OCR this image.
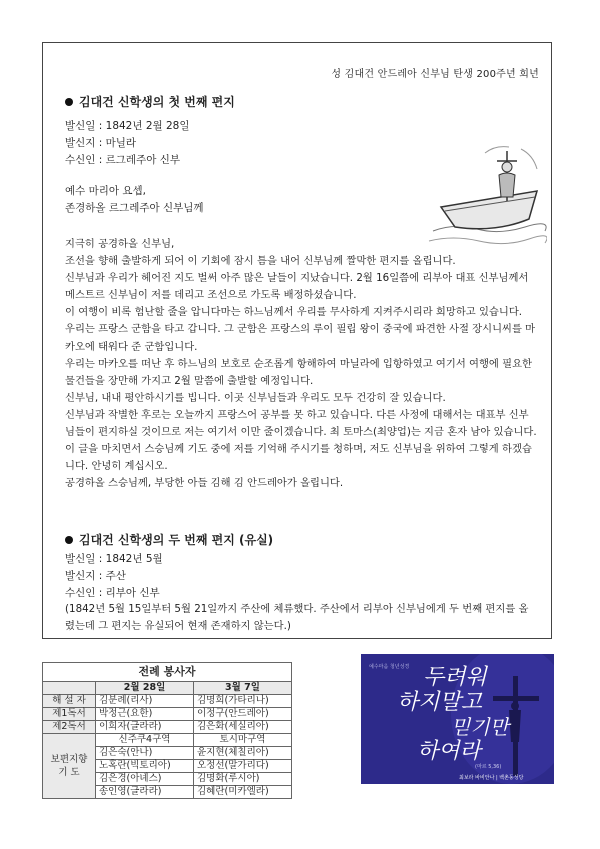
성 김대건 안드레아 신부님 탄생 200주년 희년
김대건 신학생의 첫 번째 편지
발신일 : 1842년 2월 28일
발신지 : 마닐라
수신인 : 르그레주아 신부
예수 마리아 요셉,
존경하올 르그레주아 신부님께

지극히 공경하올 신부님,

조선을 향해 출발하게 되어 이 기회에 잠시 틈을 내어 신부님께 짤막한 편지를 올립니다.

신부님과 우리가 헤어진 지도 벌써 아주 많은 날들이 지났습니다. 2월 16일쯤에 리부아 대표 신부님께서 메스트르 신부님이 저를 데리고 조선으로 가도록 배정하셨습니다.

이 여행이 비록 험난할 줄을 압니다마는 하느님께서 우리를 무사하게 지켜주시리라 희망하고 있습니다.

우리는 프랑스 군함을 타고 갑니다. 그 군함은 프랑스의 루이 필립 왕이 중국에 파견한 사절 장시니씨를 마카오에 태워다 준 군함입니다.

우리는 마카오를 떠난 후 하느님의 보호로 순조롭게 항해하여 마닐라에 입항하였고 여기서 여행에 필요한 물건들을 장만해 가지고 2월 말쯤에 출발할 예정입니다.

신부님, 내내 평안하시기를 빕니다. 이곳 신부님들과 우리도 모두 건강히 잘 있습니다.

신부님과 작별한 후로는 오늘까지 프랑스어 공부를 못 하고 있습니다. 다른 사정에 대해서는 대표부 신부님들이 편지하실 것이므로 저는 여기서 이만 줄이겠습니다. 최 토마스(최양업)는 지금 혼자 남아 있습니다.

이 글을 마치면서 스승님께 기도 중에 저를 기억해 주시기를 청하며, 저도 신부님을 위하여 그렇게 하겠습니다. 안녕히 계십시오.

공경하올 스승님께, 부당한 아들 김해 김 안드레아가 올립니다.

김대건 신학생의 두 번째 편지 (유실)
발신일 : 1842년 5월
발신지 : 주산
수신인 : 리부아 신부
(1842년 5월 15일부터 5월 21일까지 주산에 체류했다. 주산에서 리부아 신부님에게 두 번째 편지를 올렸는데 그 편지는 유실되어 현재 존재하지 않는다.)
전례 봉사자		
	2월 28일	3월 7일
해 설 자	김분례(리사)	김명희(가타리나)
제1독서	박정근(요한)	이정구(안드레아)
제2독서	이희자(글라라)	김은화(세실리아)
보편지향 기 도	신주쿠4구역	토시마구역
	김은숙(안나)	윤지현(체칠리아)
	노혹란(빅토리아)	오정선(말가리다)
	김은경(아녜스)	김명화(루시아)
	송인영(글라라)	김혜란(미카엘라)
예수마음 청년성경 두려워
하지말고
믿기만
하여라
(마르 5,36)
최보라 바비안나 | 백촌동성당
